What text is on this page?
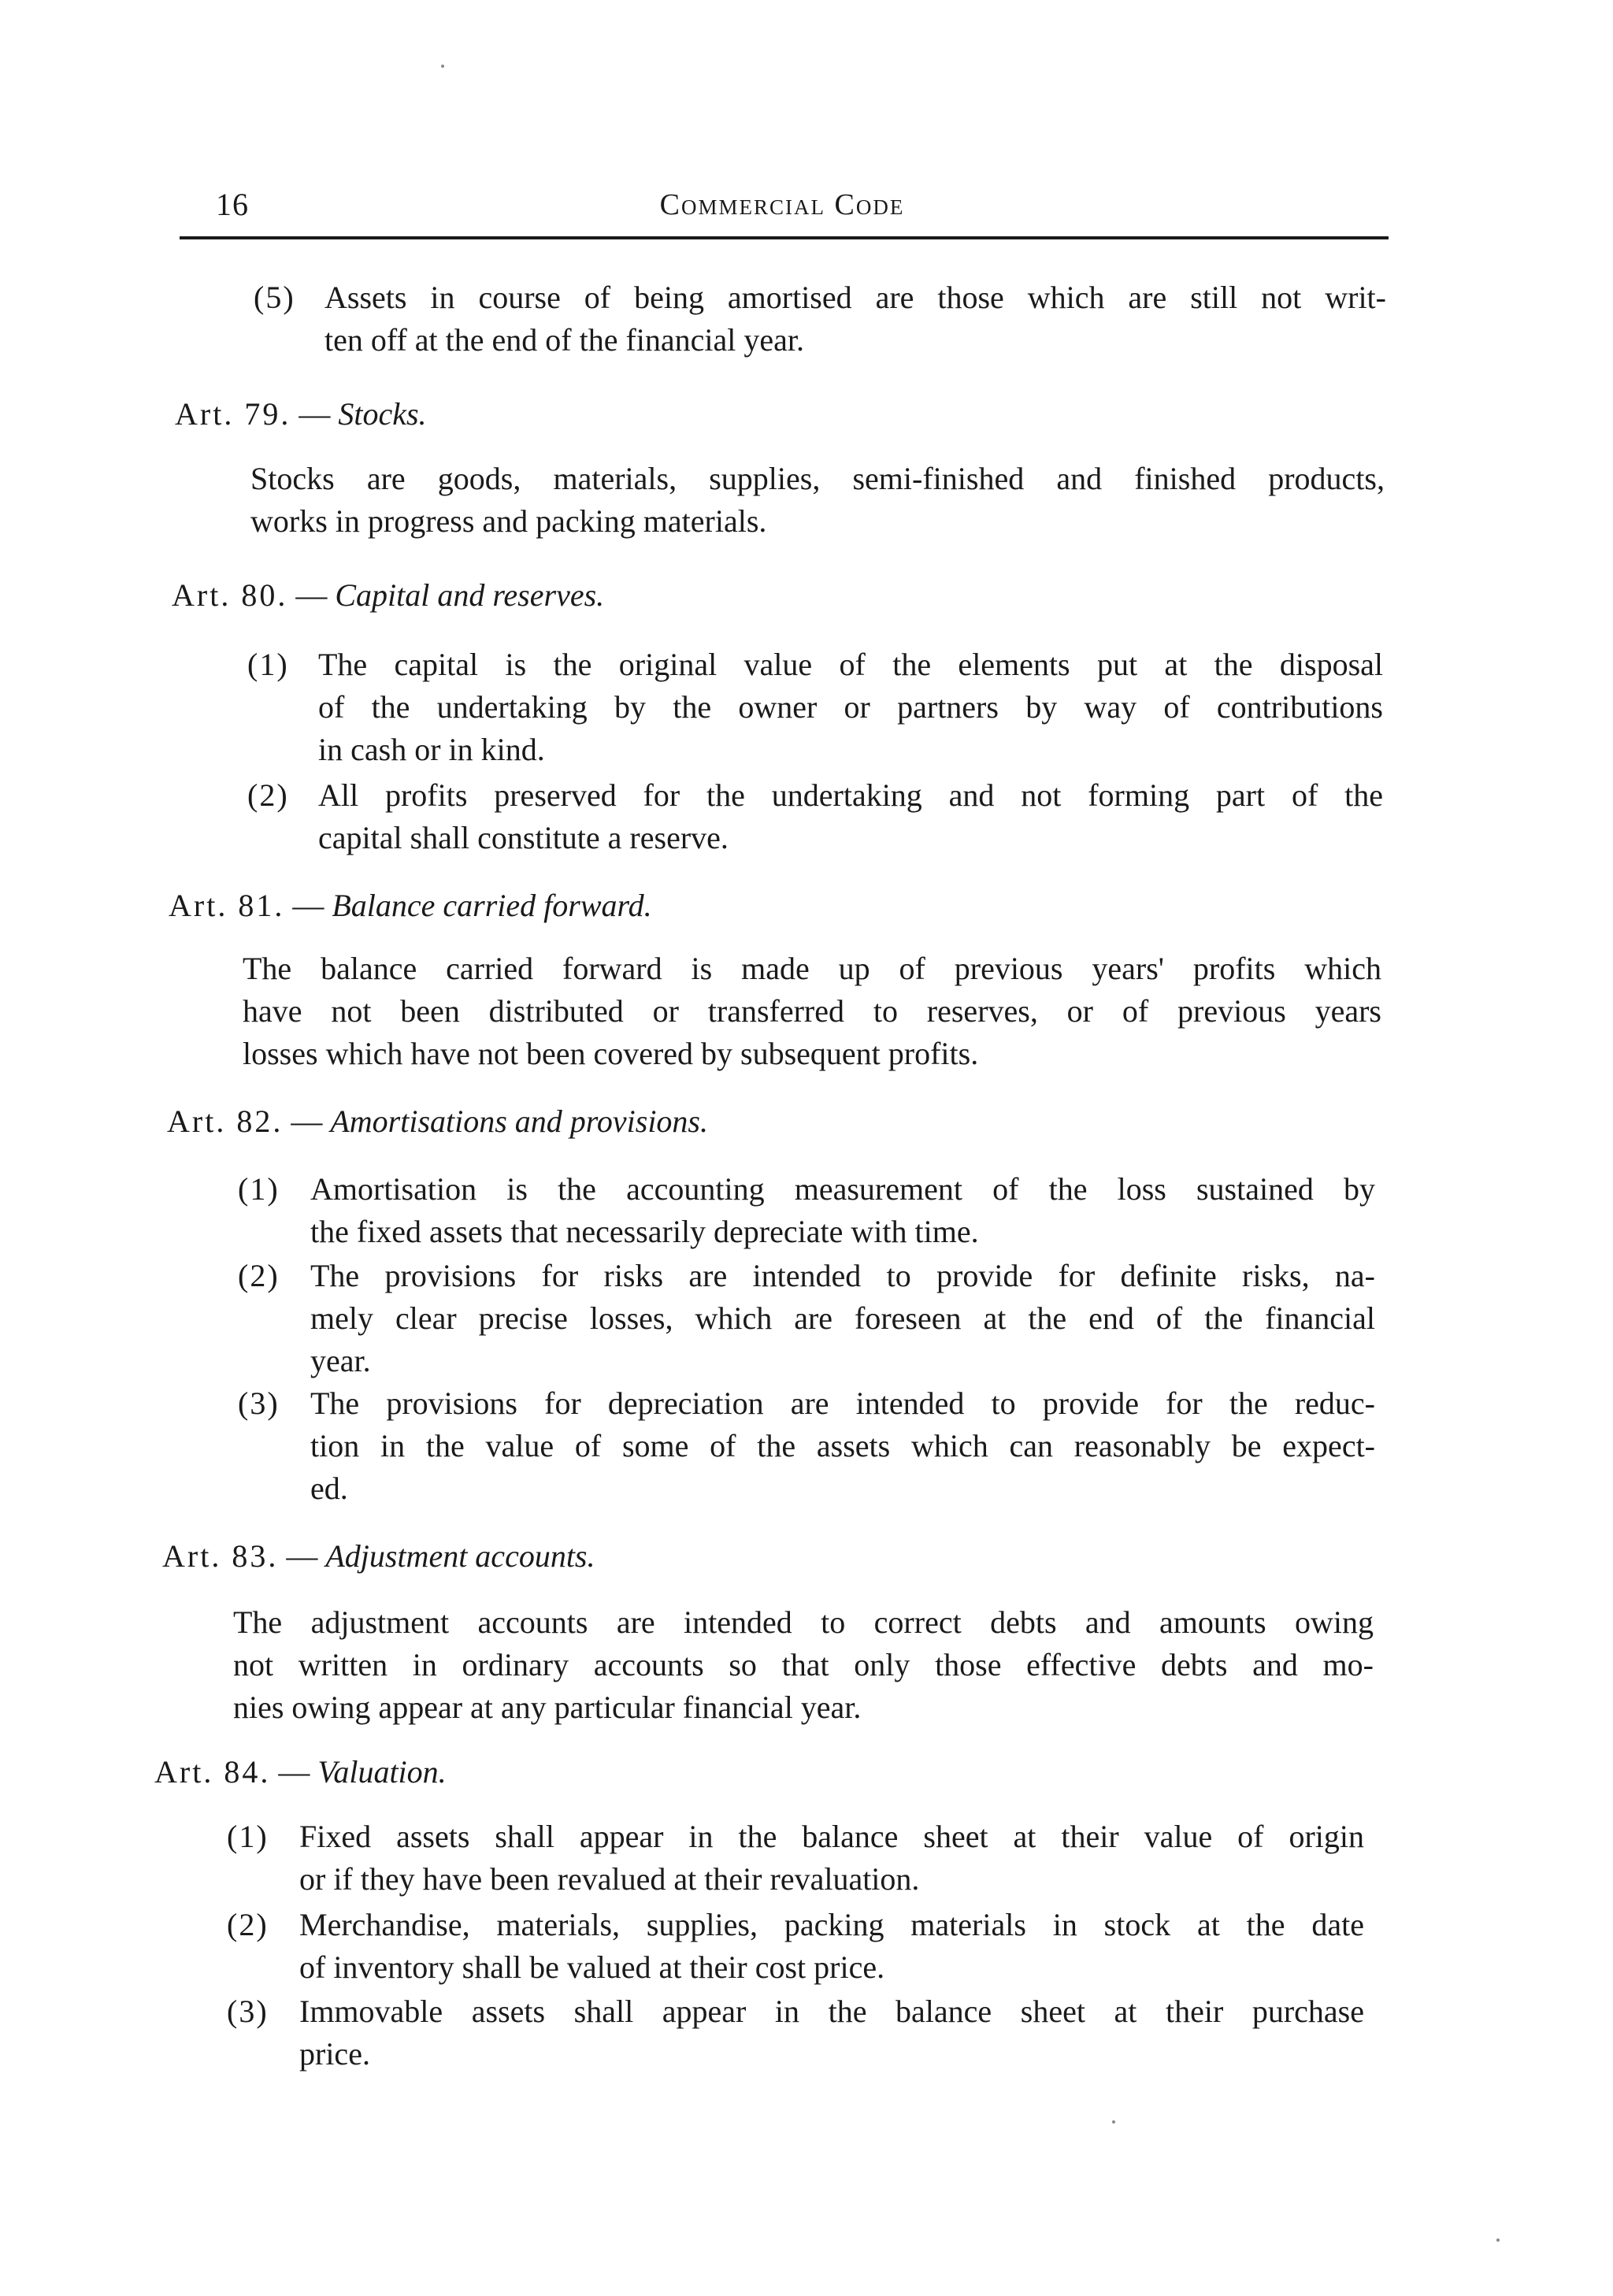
16	Commercial Code
(5) Assets in course of being amortised are those which are still not writ-
ten off at the end of the financial year.
Art. 79. — Stocks.
Stocks are goods, materials, supplies, semi-finished and finished products,
works in progress and packing materials.
Art. 80. — Capital and reserves.
(1) The capital is the original value of the elements put at the disposal
of the undertaking by the owner or partners by way of contributions
in cash or in kind.
(2) All profits preserved for the undertaking and not forming part of the
capital shall constitute a reserve.
Art. 81. — Balance carried forward.
The balance carried forward is made up of previous years' profits which
have not been distributed or transferred to reserves, or of previous years
losses which have not been covered by subsequent profits.
Art. 82. — Amortisations and provisions.
(1) Amortisation is the accounting measurement of the loss sustained by
the fixed assets that necessarily depreciate with time.
(2) The provisions for risks are intended to provide for definite risks, na-
mely clear precise losses, which are foreseen at the end of the financial
year.
(3) The provisions for depreciation are intended to provide for the reduc-
tion in the value of some of the assets which can reasonably be expect-
ed.
Art. 83. — Adjustment accounts.
The adjustment accounts are intended to correct debts and amounts owing
not written in ordinary accounts so that only those effective debts and mo-
nies owing appear at any particular financial year.
Art. 84. — Valuation.
(1) Fixed assets shall appear in the balance sheet at their value of origin
or if they have been revalued at their revaluation.
(2) Merchandise, materials, supplies, packing materials in stock at the date
of inventory shall be valued at their cost price.
(3) Immovable assets shall appear in the balance sheet at their purchase
price.
